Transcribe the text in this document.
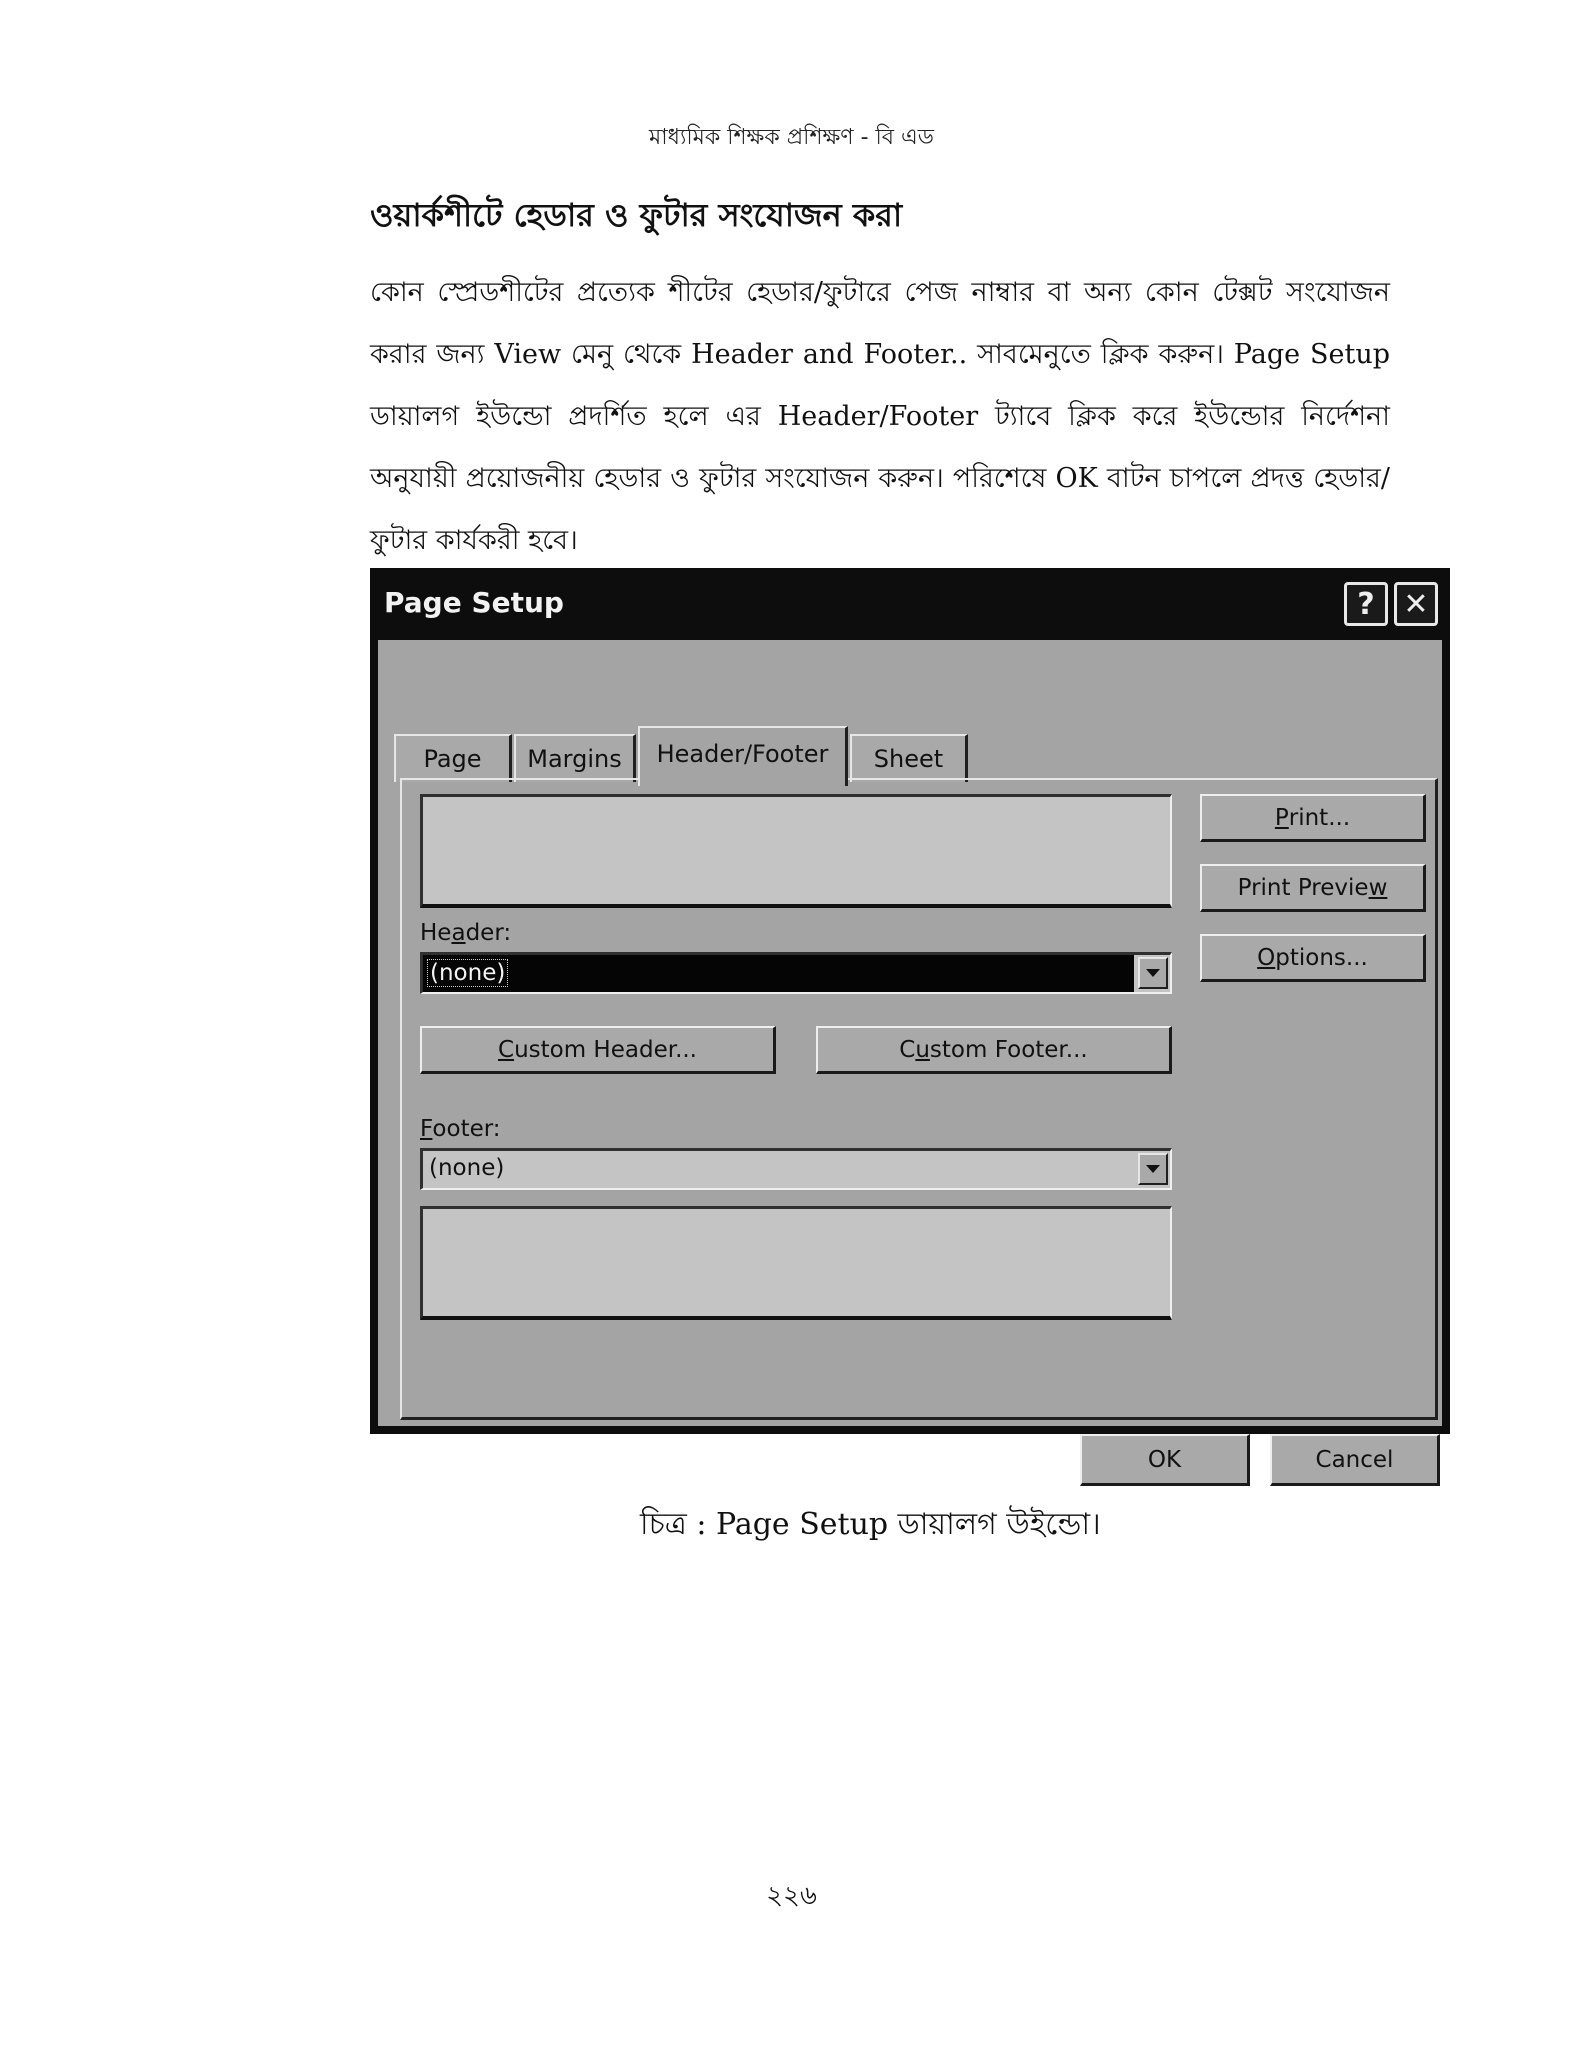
মাধ্যমিক শিক্ষক প্রশিক্ষণ - বি এড
ওয়ার্কশীটে হেডার ও ফুটার সংযোজন করা

কোন স্প্রেডশীটের প্রত্যেক শীটের হেডার/ফুটারে পেজ নাম্বার বা অন্য কোন টেক্সট সংযোজন করার জন্য View মেনু থেকে Header and Footer.. সাবমেনুতে ক্লিক করুন। Page Setup ডায়ালগ ইউন্ডো প্রদর্শিত হলে এর Header/Footer ট্যাবে ক্লিক করে ইউন্ডোর নির্দেশনা অনুযায়ী প্রয়োজনীয় হেডার ও ফুটার সংযোজন করুন। পরিশেষে OK বাটন চাপলে প্রদত্ত হেডার/ফুটার কার্যকরী হবে।

Page Setup	? ✕
Page	Margins	Header/Footer	Sheet
Header:
(none)
C ustom Header...	C u stom Footer...
Footer:
(none)
P rint...
Print Previe w
O ptions...
OK	Cancel
চিত্র : Page Setup ডায়ালগ উইন্ডো।
২২৬
